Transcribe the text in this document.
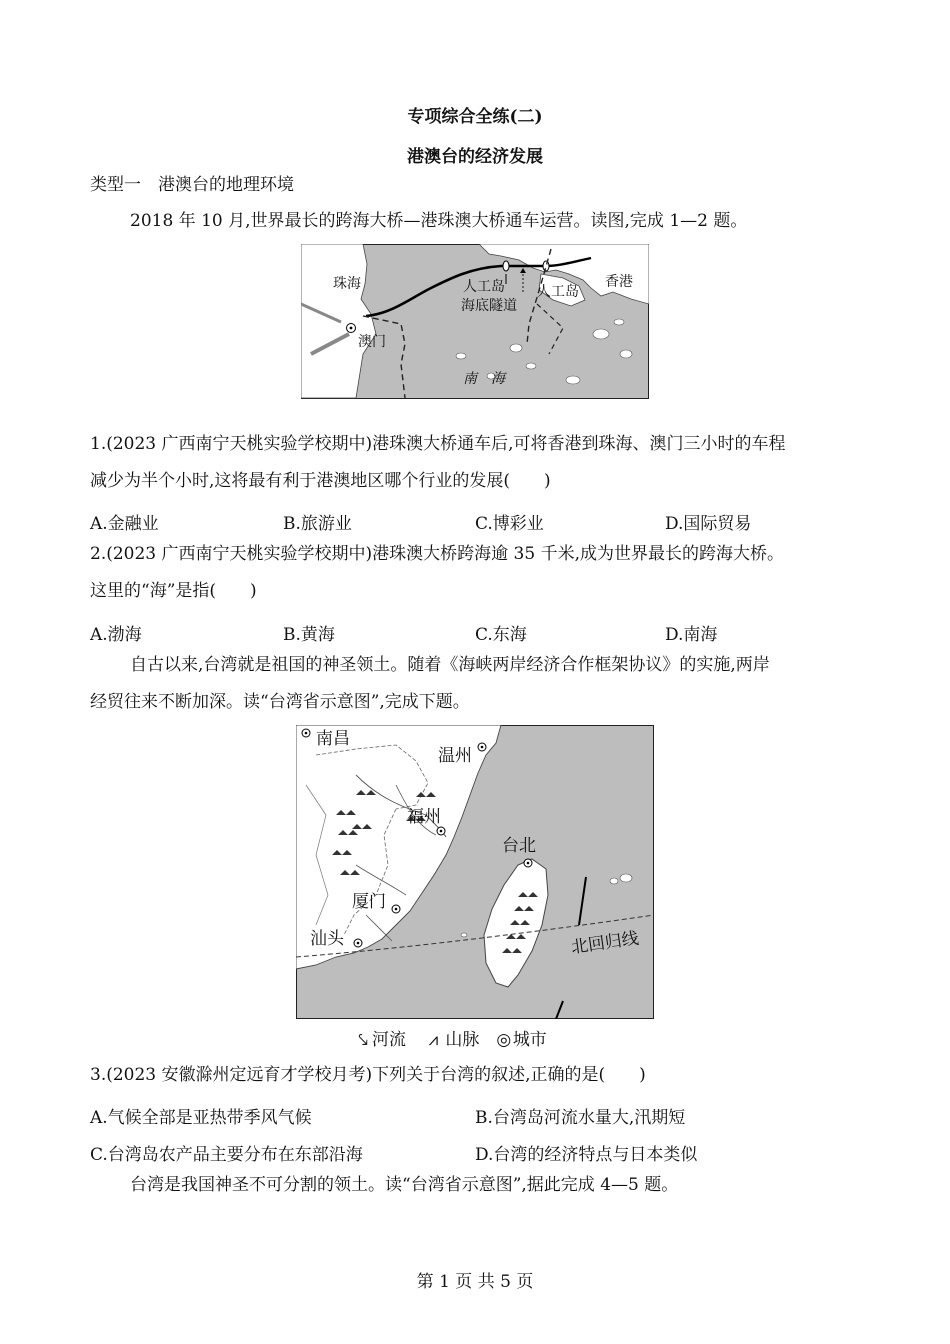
专项综合全练(二)
港澳台的经济发展
类型一　港澳台的地理环境
2018 年 10 月,世界最长的跨海大桥—港珠澳大桥通车运营。读图,完成 1—2 题。
珠海	香港
澳门
人工岛 人工岛
海底隧道
南　海
1.(2023 广西南宁天桃实验学校期中)港珠澳大桥通车后,可将香港到珠海、澳门三小时的车程
减少为半个小时,这将最有利于港澳地区哪个行业的发展(　　)
A.金融业	B.旅游业	C.博彩业	D.国际贸易
2.(2023 广西南宁天桃实验学校期中)港珠澳大桥跨海逾 35 千米,成为世界最长的跨海大桥。
这里的“海”是指(　　)
A.渤海	B.黄海	C.东海	D.南海
自古以来,台湾就是祖国的神圣领土。随着《海峡两岸经济合作框架协议》的实施,两岸
经贸往来不断加深。读“台湾省示意图”,完成下题。
南昌
温州
福州
台北
厦门
汕头	北回归线
⤥ 河流 ⩘ 山脉 ◎城市
3.(2023 安徽滁州定远育才学校月考)下列关于台湾的叙述,正确的是(　　)
A.气候全部是亚热带季风气候	B.台湾岛河流水量大,汛期短
C.台湾岛农产品主要分布在东部沿海	D.台湾的经济特点与日本类似
台湾是我国神圣不可分割的领土。读“台湾省示意图”,据此完成 4—5 题。
第 1 页 共 5 页
